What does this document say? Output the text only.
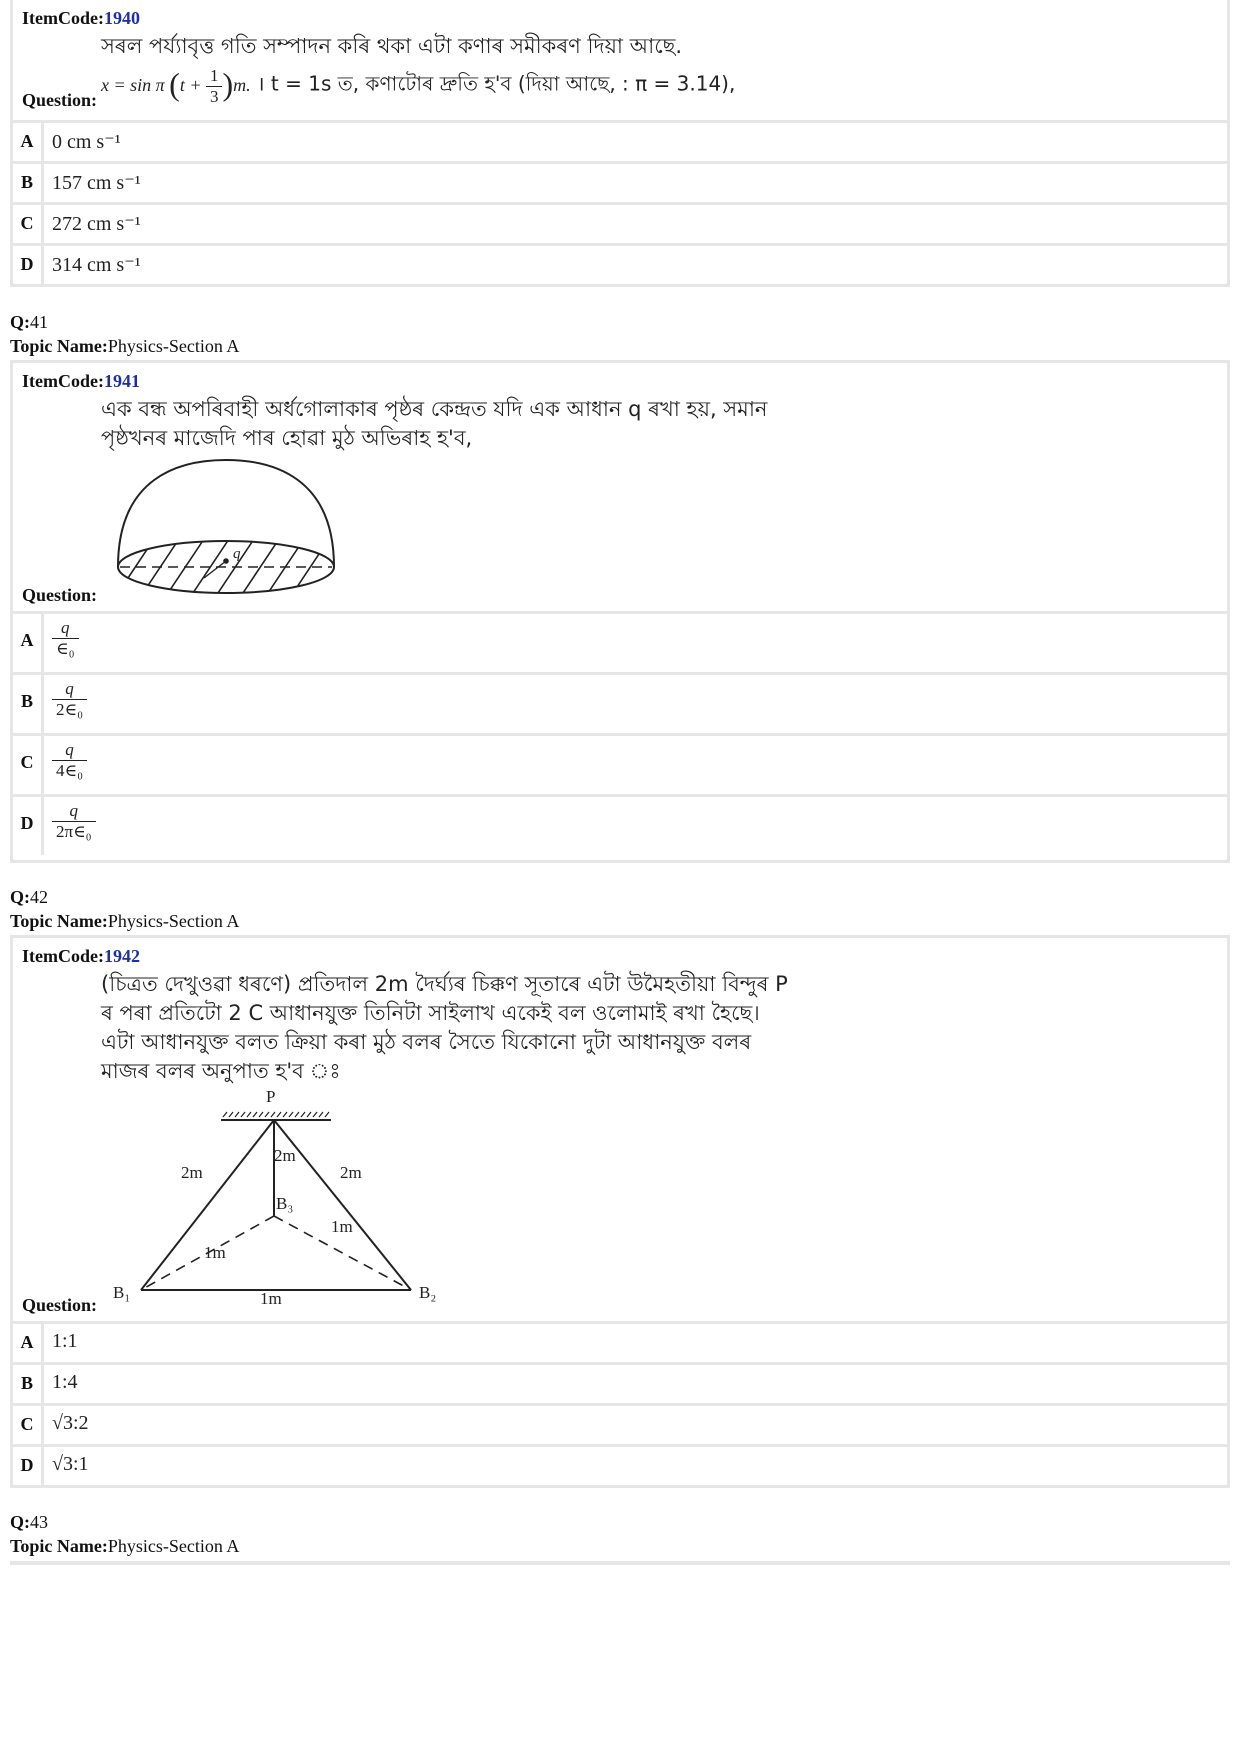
ItemCode:1940
সৰল পৰ্য্যাবৃত্ত গতি সম্পাদন কৰি থকা এটা কণাৰ সমীকৰণ দিয়া আছে.
x = sin π $(t + \frac{1}{3} )m$. । t = 1s ত, কণাটোৰ দ্ৰুতি হ'ব (দিয়া আছে, : π = 3.14),
Question:
A 0 cm s⁻¹
B 157 cm s⁻¹
C 272 cm s⁻¹
D 314 cm s⁻¹
Q:41
Topic Name:Physics-Section A
ItemCode:1941
এক বন্ধ অপৰিবাহী অৰ্ধগোলাকাৰ পৃষ্ঠৰ কেন্দ্ৰত যদি এক আধান q ৰখা হয়, সমান
পৃষ্ঠখনৰ মাজেদি পাৰ হোৱা মুঠ অভিৰাহ হ'ব,
q
Question:
A	$\frac{q}{\text{∈₀}}$
B	$\frac{q}{\text{2∈₀}}$
C	$\frac{q}{\text{4∈₀}}$
D	$\frac{q}{\text{2π∈₀}}$
Q:42
Topic Name:Physics-Section A
ItemCode:1942
(চিত্ৰত দেখুওৱা ধৰণে) প্ৰতিদাল 2m দৈৰ্ঘ্যৰ চিক্কণ সূতাৰে এটা উমৈহতীয়া বিন্দুৰ P
ৰ পৰা প্ৰতিটো 2 C আধানযুক্ত তিনিটা সাইলাখ একেই বল ওলোমাই ৰখা হৈছে।
এটা আধানযুক্ত বলত ক্ৰিয়া কৰা মুঠ বলৰ সৈতে যিকোনো দুটা আধানযুক্ত বলৰ
মাজৰ বলৰ অনুপাত হ'ব ঃ
P
2m
2m
2m
B₃
1m
1m
B₁	1m	B₂
Question:
A 1:1
B 1:4
C √3:2
D √3:1
Q:43
Topic Name:Physics-Section A
